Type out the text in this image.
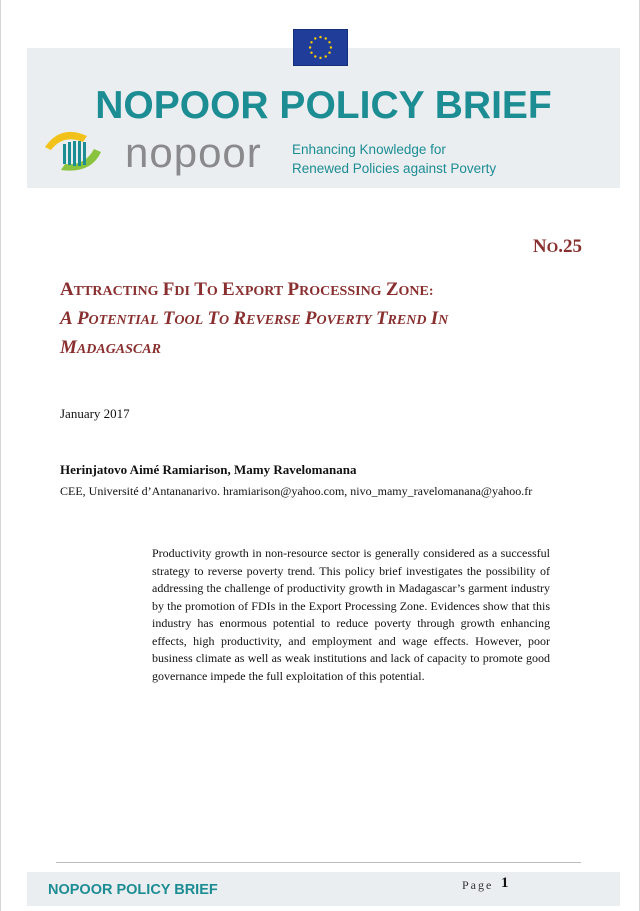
NOPOOR POLICY BRIEF
nopoor Enhancing Knowledge for
Renewed Policies against Poverty
NO.25
ATTRACTING FDI TO EXPORT PROCESSING ZONE:
A POTENTIAL TOOL TO REVERSE POVERTY TREND IN
MADAGASCAR
January 2017
Herinjatovo Aimé Ramiarison, Mamy Ravelomanana
CEE, Université d’Antananarivo. hramiarison@yahoo.com, nivo_mamy_ravelomanana@yahoo.fr
Productivity growth in non-resource sector is generally considered as a successful strategy to reverse poverty trend. This policy brief investigates the possibility of addressing the challenge of productivity growth in Madagascar’s garment industry by the promotion of FDIs in the Export Processing Zone. Evidences show that this industry has enormous potential to reduce poverty through growth enhancing effects, high productivity, and employment and wage effects. However, poor business climate as well as weak institutions and lack of capacity to promote good governance impede the full exploitation of this potential.
NOPOOR POLICY BRIEF	Page 1
